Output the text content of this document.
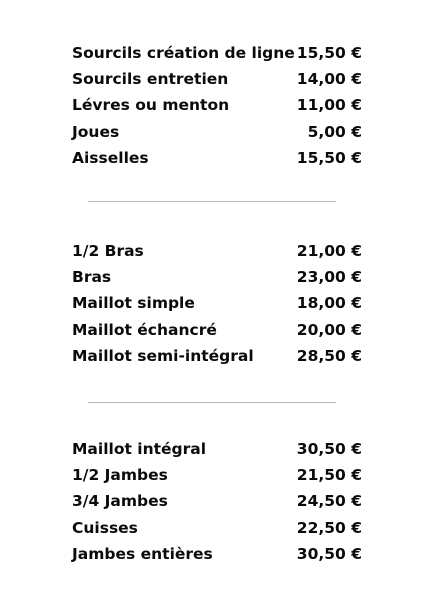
Sourcils création de ligne 15,50 €
Sourcils entretien	14,00 €
Lévres ou menton	11,00 €
Joues	5,00 €
Aisselles	15,50 €
1/2 Bras	21,00 €
Bras	23,00 €
Maillot simple	18,00 €
Maillot échancré	20,00 €
Maillot semi-intégral	28,50 €
Maillot intégral	30,50 €
1/2 Jambes	21,50 €
3/4 Jambes	24,50 €
Cuisses	22,50 €
Jambes entières	30,50 €
